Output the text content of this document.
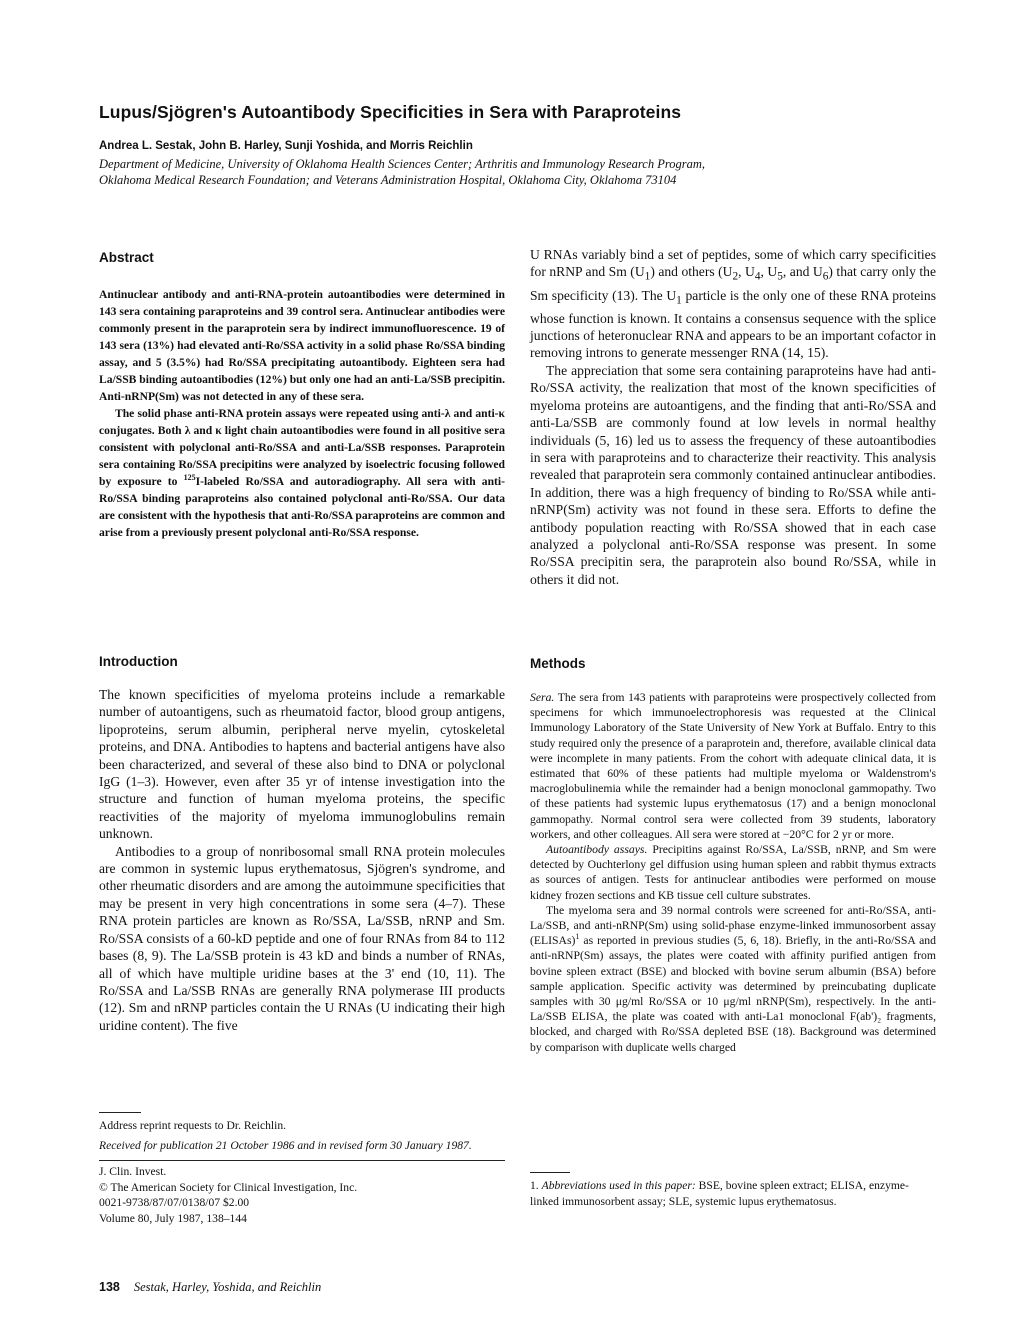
Lupus/Sjögren's Autoantibody Specificities in Sera with Paraproteins
Andrea L. Sestak, John B. Harley, Sunji Yoshida, and Morris Reichlin
Department of Medicine, University of Oklahoma Health Sciences Center; Arthritis and Immunology Research Program,
Oklahoma Medical Research Foundation; and Veterans Administration Hospital, Oklahoma City, Oklahoma 73104
Abstract

Antinuclear antibody and anti-RNA-protein autoantibodies were determined in 143 sera containing paraproteins and 39 control sera. Antinuclear antibodies were commonly present in the paraprotein sera by indirect immunofluorescence. 19 of 143 sera (13%) had elevated anti-Ro/SSA activity in a solid phase Ro/SSA binding assay, and 5 (3.5%) had Ro/SSA precipitating autoantibody. Eighteen sera had La/SSB binding autoantibodies (12%) but only one had an anti-La/SSB precipitin. Anti-nRNP(Sm) was not detected in any of these sera.

The solid phase anti-RNA protein assays were repeated using anti-λ and anti-κ conjugates. Both λ and κ light chain autoantibodies were found in all positive sera consistent with polyclonal anti-Ro/SSA and anti-La/SSB responses. Paraprotein sera containing Ro/SSA precipitins were analyzed by isoelectric focusing followed by exposure to $^{125}$I-labeled Ro/SSA and autoradiography. All sera with anti-Ro/SSA binding paraproteins also contained polyclonal anti-Ro/SSA. Our data are consistent with the hypothesis that anti-Ro/SSA paraproteins are common and arise from a previously present polyclonal anti-Ro/SSA response.

Introduction

The known specificities of myeloma proteins include a remarkable number of autoantigens, such as rheumatoid factor, blood group antigens, lipoproteins, serum albumin, peripheral nerve myelin, cytoskeletal proteins, and DNA. Antibodies to haptens and bacterial antigens have also been characterized, and several of these also bind to DNA or polyclonal IgG (1–3). However, even after 35 yr of intense investigation into the structure and function of human myeloma proteins, the specific reactivities of the majority of myeloma immunoglobulins remain unknown.

Antibodies to a group of nonribosomal small RNA protein molecules are common in systemic lupus erythematosus, Sjögren's syndrome, and other rheumatic disorders and are among the autoimmune specificities that may be present in very high concentrations in some sera (4–7). These RNA protein particles are known as Ro/SSA, La/SSB, nRNP and Sm. Ro/SSA consists of a 60-kD peptide and one of four RNAs from 84 to 112 bases (8, 9). The La/SSB protein is 43 kD and binds a number of RNAs, all of which have multiple uridine bases at the 3' end (10, 11). The Ro/SSA and La/SSB RNAs are generally RNA polymerase III products (12). Sm and nRNP particles contain the U RNAs (U indicating their high uridine content). The five

Address reprint requests to Dr. Reichlin.

Received for publication 21 October 1986 and in revised form 30 January 1987.

J. Clin. Invest.

© The American Society for Clinical Investigation, Inc.

0021-9738/87/07/0138/07 $2.00

Volume 80, July 1987, 138–144

U RNAs variably bind a set of peptides, some of which carry specificities for nRNP and Sm $(U_1)$ and others ($U_2$, $U_4$, $U_5$, and $U_6$) that carry only the Sm specificity (13). The $U_1$ particle is the only one of these RNA proteins whose function is known. It contains a consensus sequence with the splice junctions of heteronuclear RNA and appears to be an important cofactor in removing introns to generate messenger RNA (14, 15).

The appreciation that some sera containing paraproteins have had anti-Ro/SSA activity, the realization that most of the known specificities of myeloma proteins are autoantigens, and the finding that anti-Ro/SSA and anti-La/SSB are commonly found at low levels in normal healthy individuals (5, 16) led us to assess the frequency of these autoantibodies in sera with paraproteins and to characterize their reactivity. This analysis revealed that paraprotein sera commonly contained antinuclear antibodies. In addition, there was a high frequency of binding to Ro/SSA while anti-nRNP(Sm) activity was not found in these sera. Efforts to define the antibody population reacting with Ro/SSA showed that in each case analyzed a polyclonal anti-Ro/SSA response was present. In some Ro/SSA precipitin sera, the paraprotein also bound Ro/SSA, while in others it did not.

Methods

Sera. The sera from 143 patients with paraproteins were prospectively collected from specimens for which immunoelectrophoresis was requested at the Clinical Immunology Laboratory of the State University of New York at Buffalo. Entry to this study required only the presence of a paraprotein and, therefore, available clinical data were incomplete in many patients. From the cohort with adequate clinical data, it is estimated that 60% of these patients had multiple myeloma or Waldenstrom's macroglobulinemia while the remainder had a benign monoclonal gammopathy. Two of these patients had systemic lupus erythematosus (17) and a benign monoclonal gammopathy. Normal control sera were collected from 39 students, laboratory workers, and other colleagues. All sera were stored at −20°C for 2 yr or more.

Autoantibody assays. Precipitins against Ro/SSA, La/SSB, nRNP, and Sm were detected by Ouchterlony gel diffusion using human spleen and rabbit thymus extracts as sources of antigen. Tests for antinuclear antibodies were performed on mouse kidney frozen sections and KB tissue cell culture substrates.

The myeloma sera and 39 normal controls were screened for anti-Ro/SSA, anti-La/SSB, and anti-nRNP(Sm) using solid-phase enzyme-linked immunosorbent assay (ELISAs)$^1$ as reported in previous studies (5, 6, 18). Briefly, in the anti-Ro/SSA and anti-nRNP(Sm) assays, the plates were coated with affinity purified antigen from bovine spleen extract (BSE) and blocked with bovine serum albumin (BSA) before sample application. Specific activity was determined by preincubating duplicate samples with 30 μg/ml Ro/SSA or 10 μg/ml nRNP(Sm), respectively. In the anti-La/SSB ELISA, the plate was coated with anti-La1 monoclonal F(ab')₂ fragments, blocked, and charged with Ro/SSA depleted BSE (18). Background was determined by comparison with duplicate wells charged

1. Abbreviations used in this paper: BSE, bovine spleen extract; ELISA, enzyme-linked immunosorbent assay; SLE, systemic lupus erythematosus.

138 Sestak, Harley, Yoshida, and Reichlin
